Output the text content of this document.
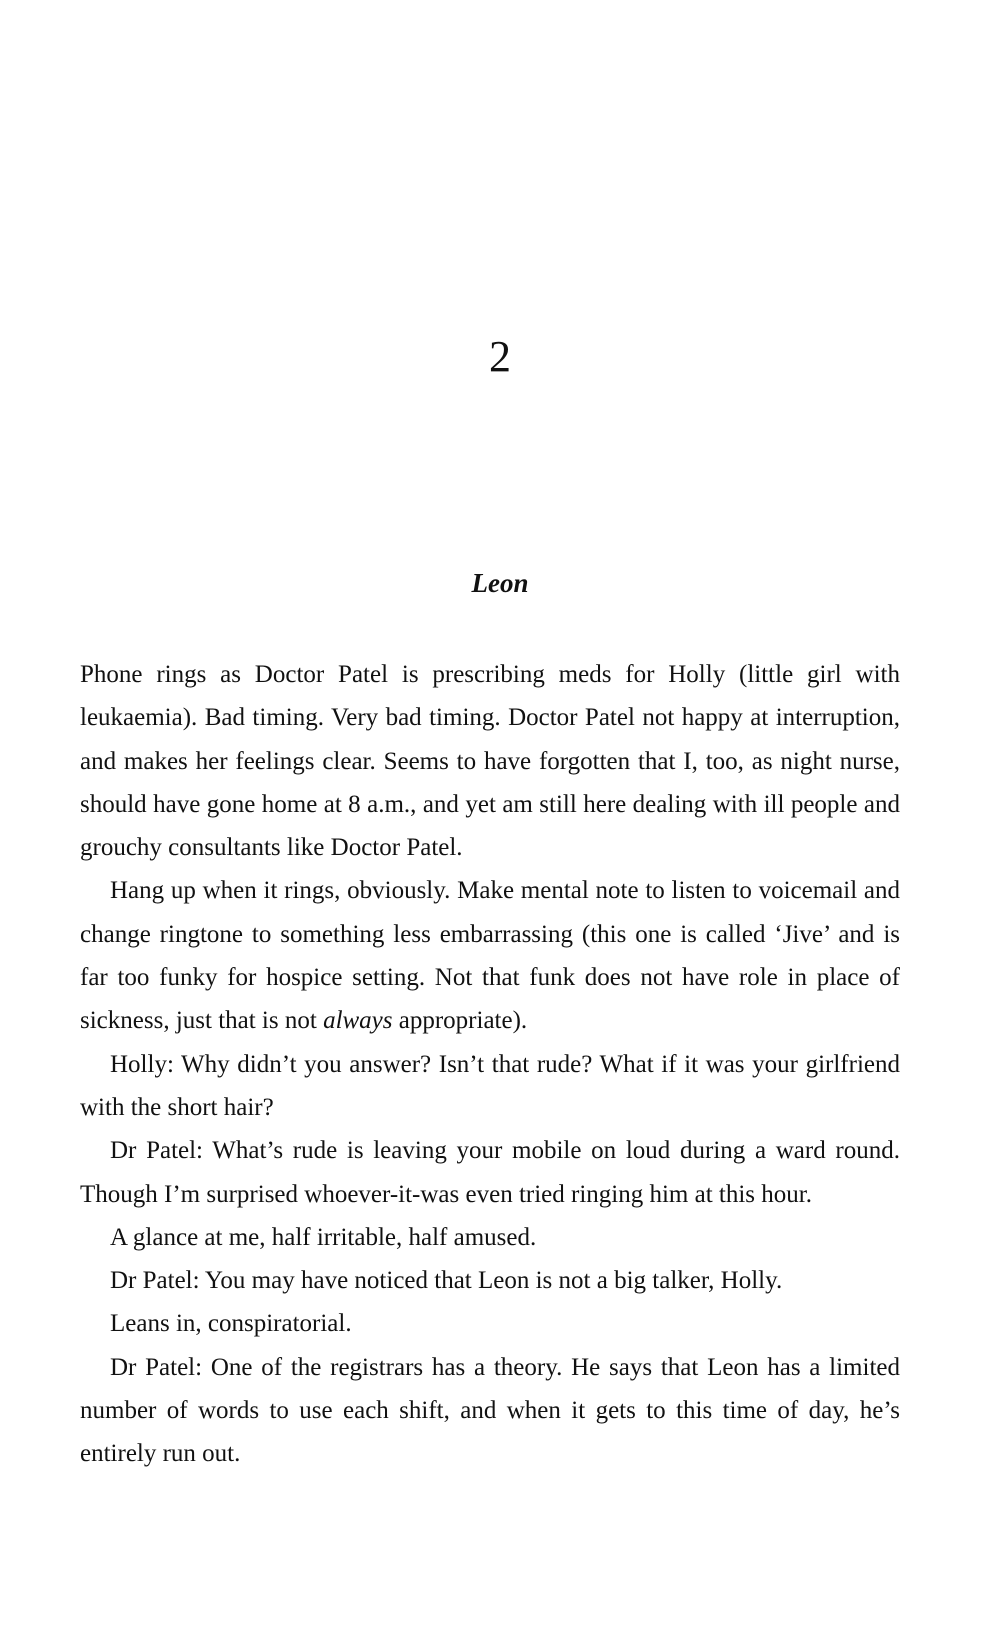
2
Leon

Phone rings as Doctor Patel is prescribing meds for Holly (little girl with leukaemia). Bad timing. Very bad timing. Doctor Patel not happy at interruption, and makes her feelings clear. Seems to have forgotten that I, too, as night nurse, should have gone home at 8 a.m., and yet am still here dealing with ill people and grouchy consultants like Doctor Patel.

Hang up when it rings, obviously. Make mental note to listen to voicemail and change ringtone to something less embarrassing (this one is called ‘Jive’ and is far too funky for hospice setting. Not that funk does not have role in place of sickness, just that is not always appropriate).

Holly: Why didn’t you answer? Isn’t that rude? What if it was your girlfriend with the short hair?

Dr Patel: What’s rude is leaving your mobile on loud during a ward round. Though I’m surprised whoever-it-was even tried ringing him at this hour.

A glance at me, half irritable, half amused.

Dr Patel: You may have noticed that Leon is not a big talker, Holly.

Leans in, conspiratorial.

Dr Patel: One of the registrars has a theory. He says that Leon has a limited number of words to use each shift, and when it gets to this time of day, he’s entirely run out.
